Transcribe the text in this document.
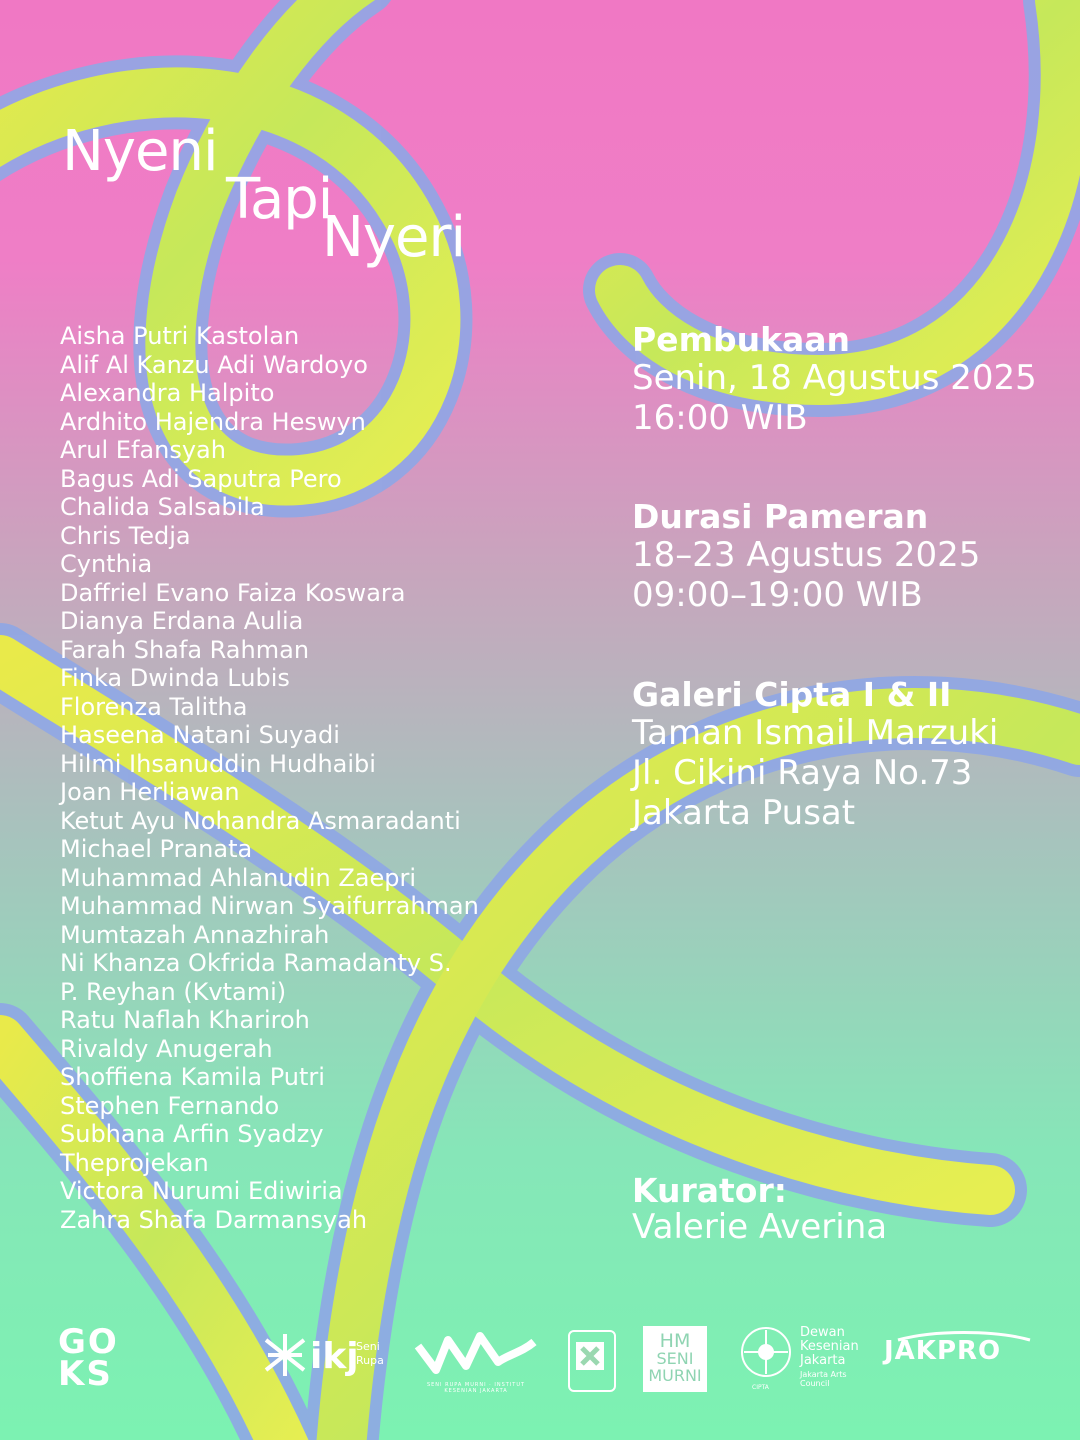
Nyeni
Tapi
Nyeri
Aisha Putri Kastolan
Alif Al Kanzu Adi Wardoyo
Alexandra Halpito
Ardhito Hajendra Heswyn
Arul Efansyah
Bagus Adi Saputra Pero
Chalida Salsabila
Chris Tedja
Cynthia
Daffriel Evano Faiza Koswara
Dianya Erdana Aulia
Farah Shafa Rahman
Finka Dwinda Lubis
Florenza Talitha
Haseena Natani Suyadi
Hilmi Ihsanuddin Hudhaibi
Joan Herliawan
Ketut Ayu Nohandra Asmaradanti
Michael Pranata
Muhammad Ahlanudin Zaepri
Muhammad Nirwan Syaifurrahman
Mumtazah Annazhirah
Ni Khanza Okfrida Ramadanty S.
P. Reyhan (Kvtami)
Ratu Naflah Khariroh
Rivaldy Anugerah
Shoffiena Kamila Putri
Stephen Fernando
Subhana Arfin Syadzy
Theprojekan
Victora Nurumi Ediwiria
Zahra Shafa Darmansyah
Pembukaan
Senin, 18 Agustus 2025
16:00 WIB
Durasi Pameran
18–23 Agustus 2025
09:00–19:00 WIB
Galeri Cipta I & II
Taman Ismail Marzuki
Jl. Cikini Raya No.73
Jakarta Pusat
Kurator:
Valerie Averina
GO
KS	ikj
Seni
Rupa
SENI RUPA MURNI · INSTITUT KESENIAN JAKARTA
HM
SENI
MURNI
CIPTA
Dewan
Kesenian
Jakarta
Jakarta Arts
Council
JAKPRO
